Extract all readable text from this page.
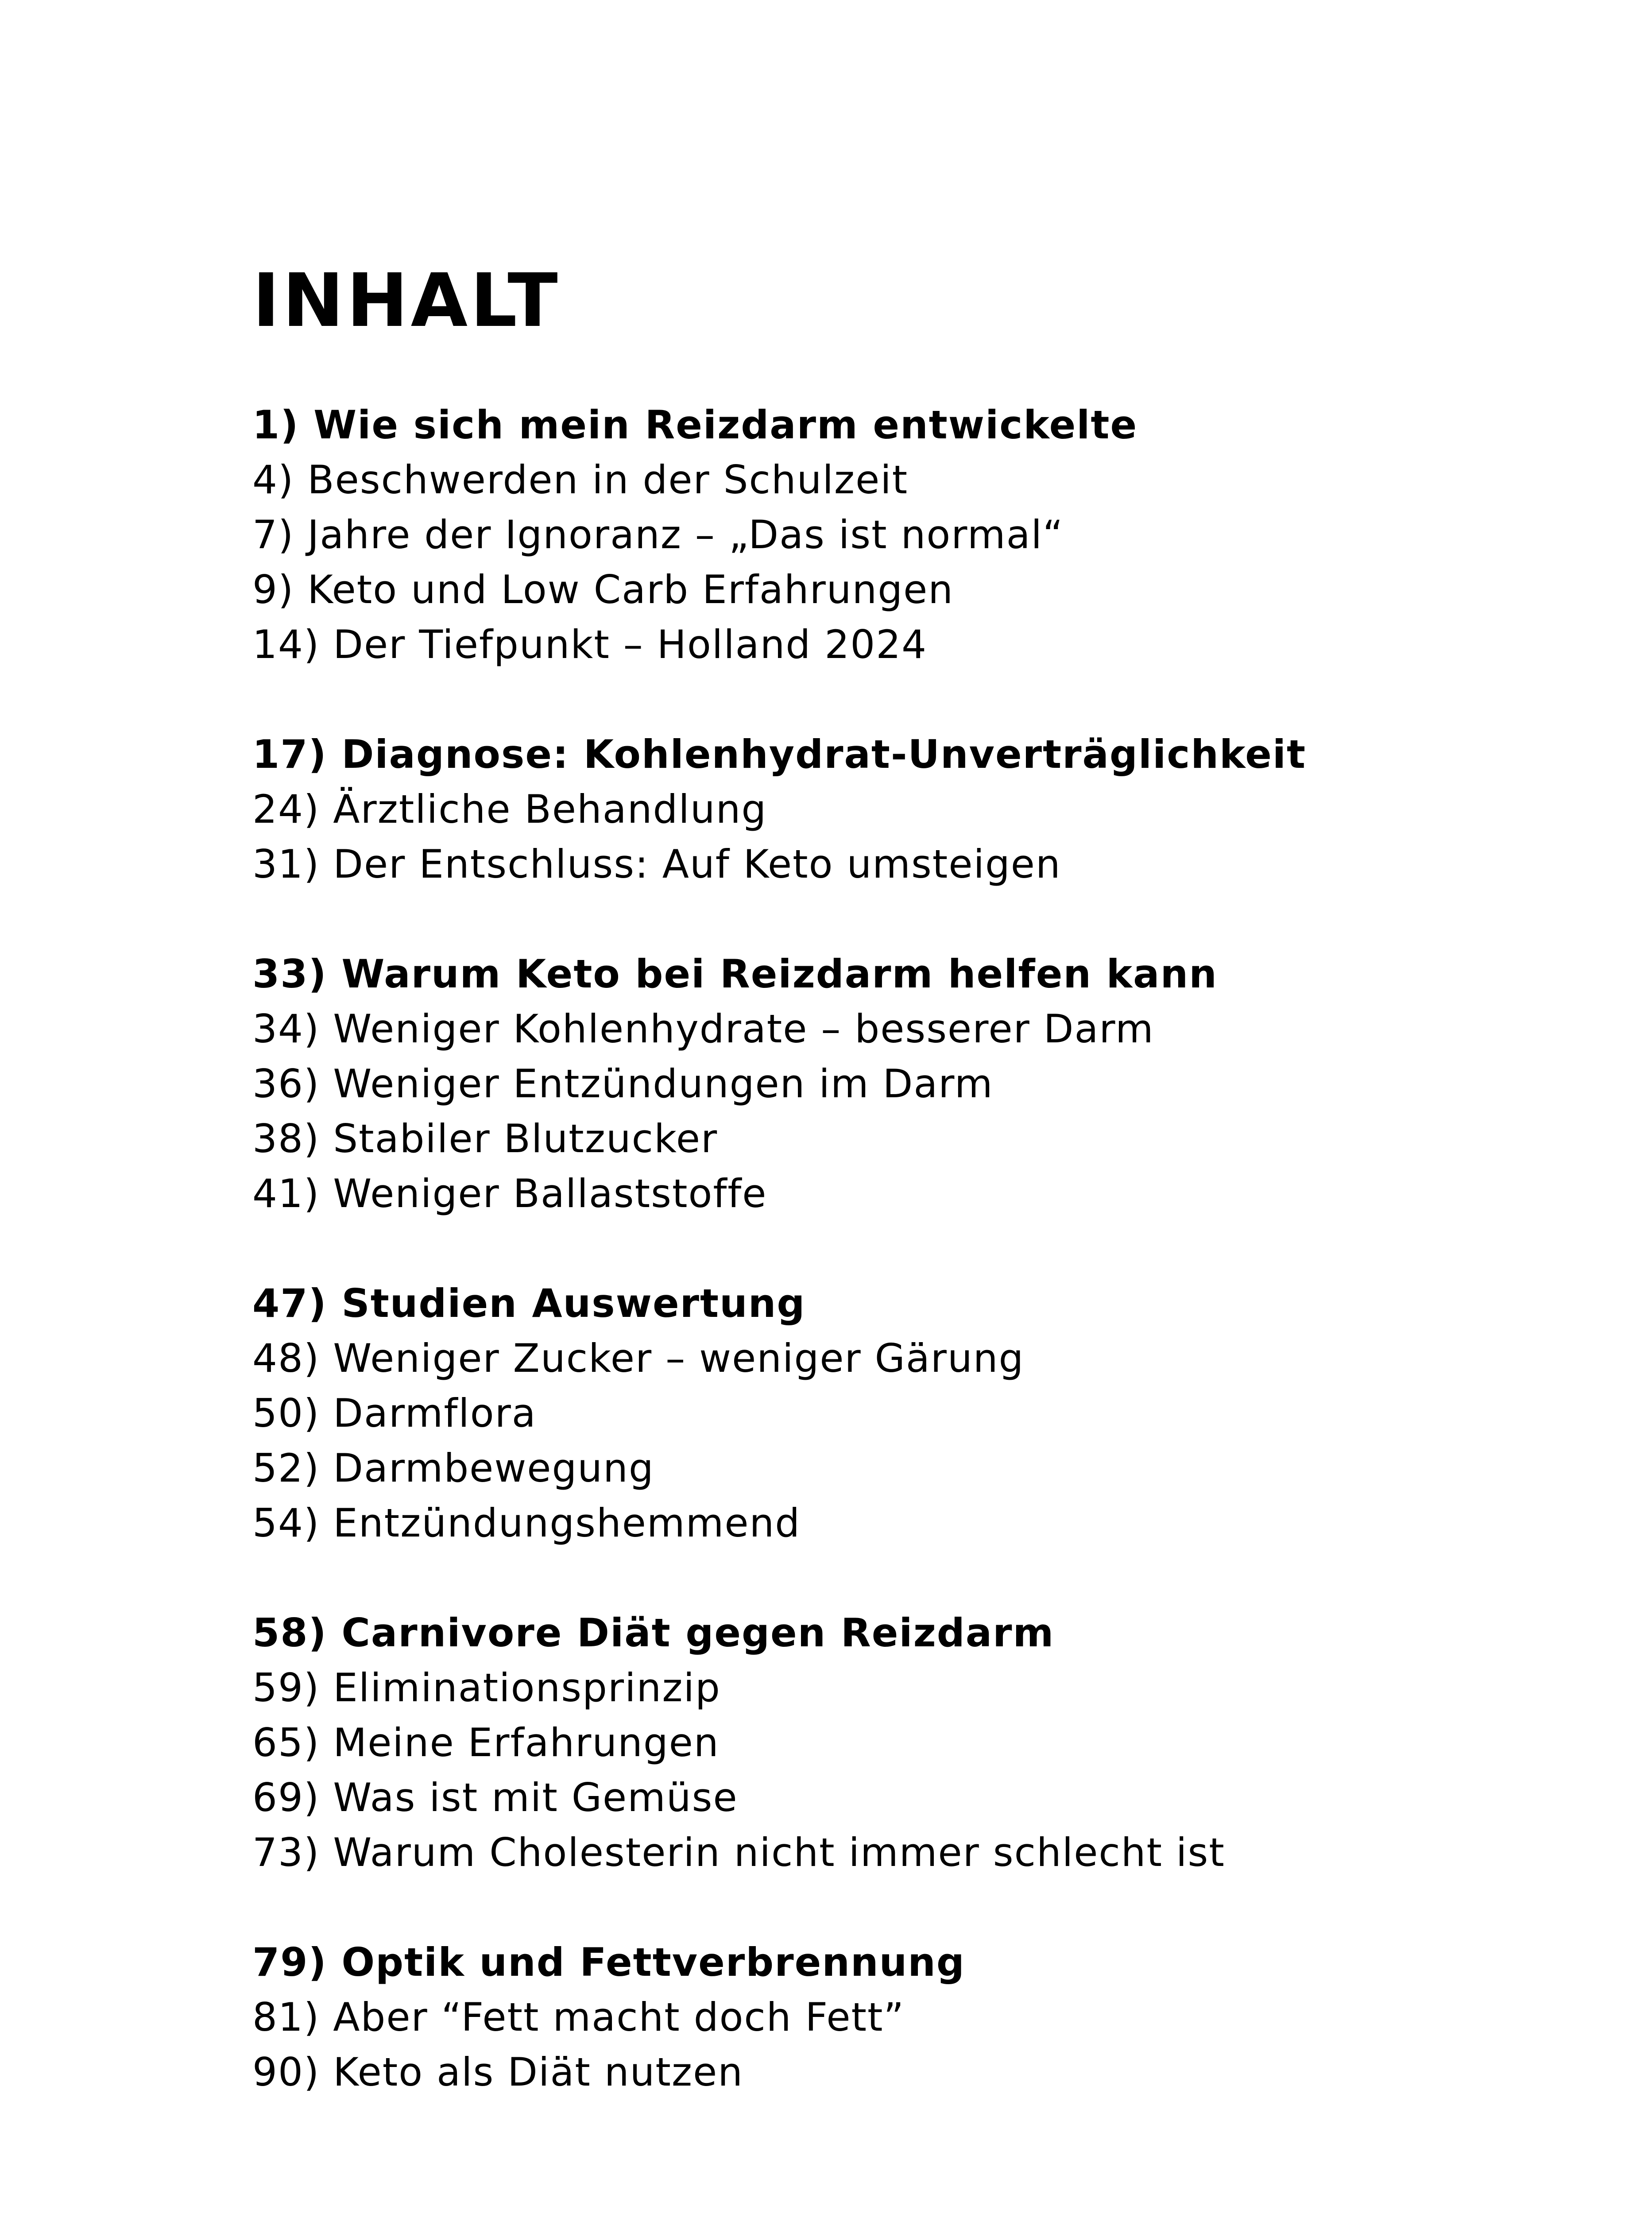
INHALT
1) Wie sich mein Reizdarm entwickelte
4) Beschwerden in der Schulzeit
7) Jahre der Ignoranz – „Das ist normal“
9) Keto und Low Carb Erfahrungen
14) Der Tiefpunkt – Holland 2024
17) Diagnose: Kohlenhydrat-Unverträglichkeit
24) Ärztliche Behandlung
31) Der Entschluss: Auf Keto umsteigen
33) Warum Keto bei Reizdarm helfen kann
34) Weniger Kohlenhydrate – besserer Darm
36) Weniger Entzündungen im Darm
38) Stabiler Blutzucker
41) Weniger Ballaststoffe
47) Studien Auswertung
48) Weniger Zucker – weniger Gärung
50) Darmflora
52) Darmbewegung
54) Entzündungshemmend
58) Carnivore Diät gegen Reizdarm
59) Eliminationsprinzip
65) Meine Erfahrungen
69) Was ist mit Gemüse
73) Warum Cholesterin nicht immer schlecht ist
79) Optik und Fettverbrennung
81) Aber “Fett macht doch Fett”
90) Keto als Diät nutzen
